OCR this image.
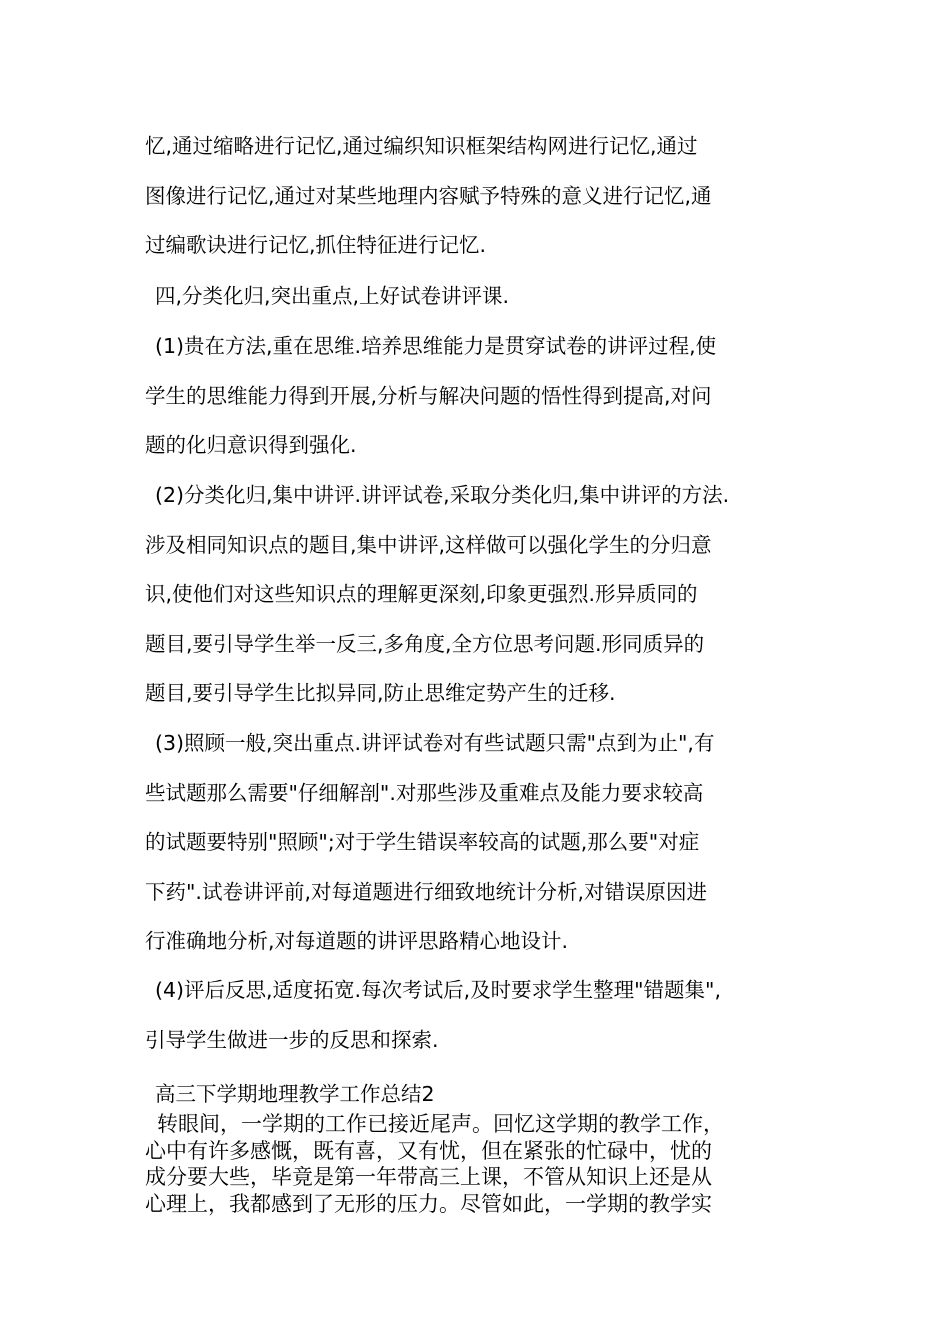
忆,通过缩略进行记忆,通过编织知识框架结构网进行记忆,通过
图像进行记忆,通过对某些地理内容赋予特殊的意义进行记忆,通
过编歌诀进行记忆,抓住特征进行记忆.

四,分类化归,突出重点,上好试卷讲评课.

(1)贵在方法,重在思维.培养思维能力是贯穿试卷的讲评过程,使
学生的思维能力得到开展,分析与解决问题的悟性得到提高,对问
题的化归意识得到强化.

(2)分类化归,集中讲评.讲评试卷,采取分类化归,集中讲评的方法.
涉及相同知识点的题目,集中讲评,这样做可以强化学生的分归意
识,使他们对这些知识点的理解更深刻,印象更强烈.形异质同的
题目,要引导学生举一反三,多角度,全方位思考问题.形同质异的
题目,要引导学生比拟异同,防止思维定势产生的迁移.

(3)照顾一般,突出重点.讲评试卷对有些试题只需"点到为止",有
些试题那么需要"仔细解剖".对那些涉及重难点及能力要求较高
的试题要特别"照顾";对于学生错误率较高的试题,那么要"对症
下药".试卷讲评前,对每道题进行细致地统计分析,对错误原因进
行准确地分析,对每道题的讲评思路精心地设计.

(4)评后反思,适度拓宽.每次考试后,及时要求学生整理"错题集",
引导学生做进一步的反思和探索.

高三下学期地理教学工作总结2

转眼间，一学期的工作已接近尾声。回忆这学期的教学工作，
心中有许多感慨，既有喜，又有忧，但在紧张的忙碌中，忧的
成分要大些，毕竟是第一年带高三上课，不管从知识上还是从
心理上，我都感到了无形的压力。尽管如此，一学期的教学实
